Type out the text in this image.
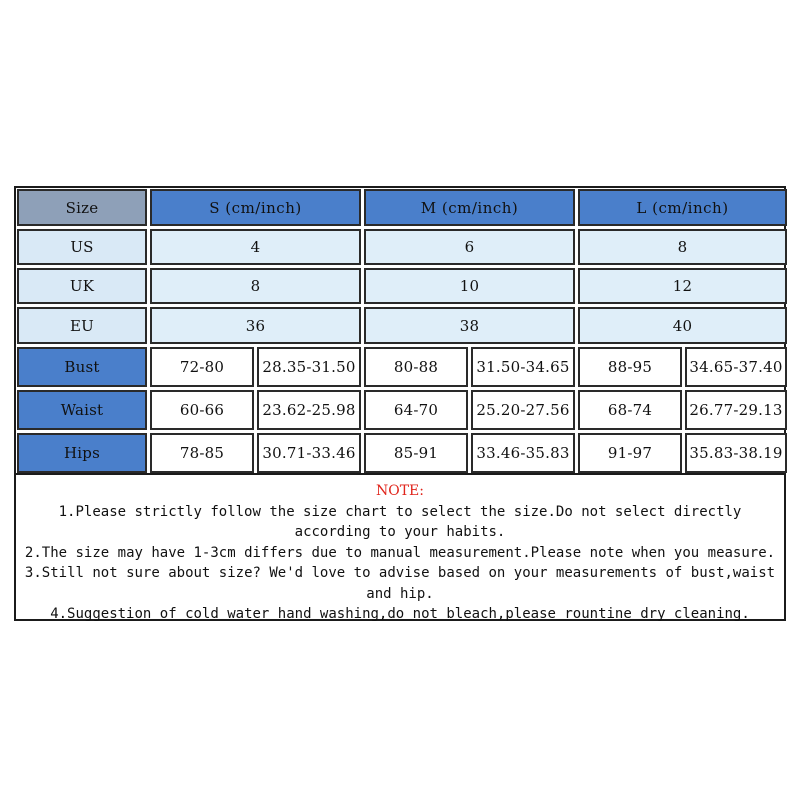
Size	S (cm/inch)	M (cm/inch)	L (cm/inch)
US	4	6	8
UK	8	10	12
EU	36	38	40
Bust	72-80	28.35-31.50	80-88	31.50-34.65	88-95	34.65-37.40
Waist	60-66	23.62-25.98	64-70	25.20-27.56	68-74	26.77-29.13
Hips	78-85	30.71-33.46	85-91	33.46-35.83	91-97	35.83-38.19
NOTE:
1.Please strictly follow the size chart to select the size.Do not select directly
according to your habits.
2.The size may have 1-3cm differs due to manual measurement.Please note when you measure.
3.Still not sure about size? We'd love to advise based on your measurements of bust,waist
and hip.
4.Suggestion of cold water hand washing,do not bleach,please rountine dry cleaning.
